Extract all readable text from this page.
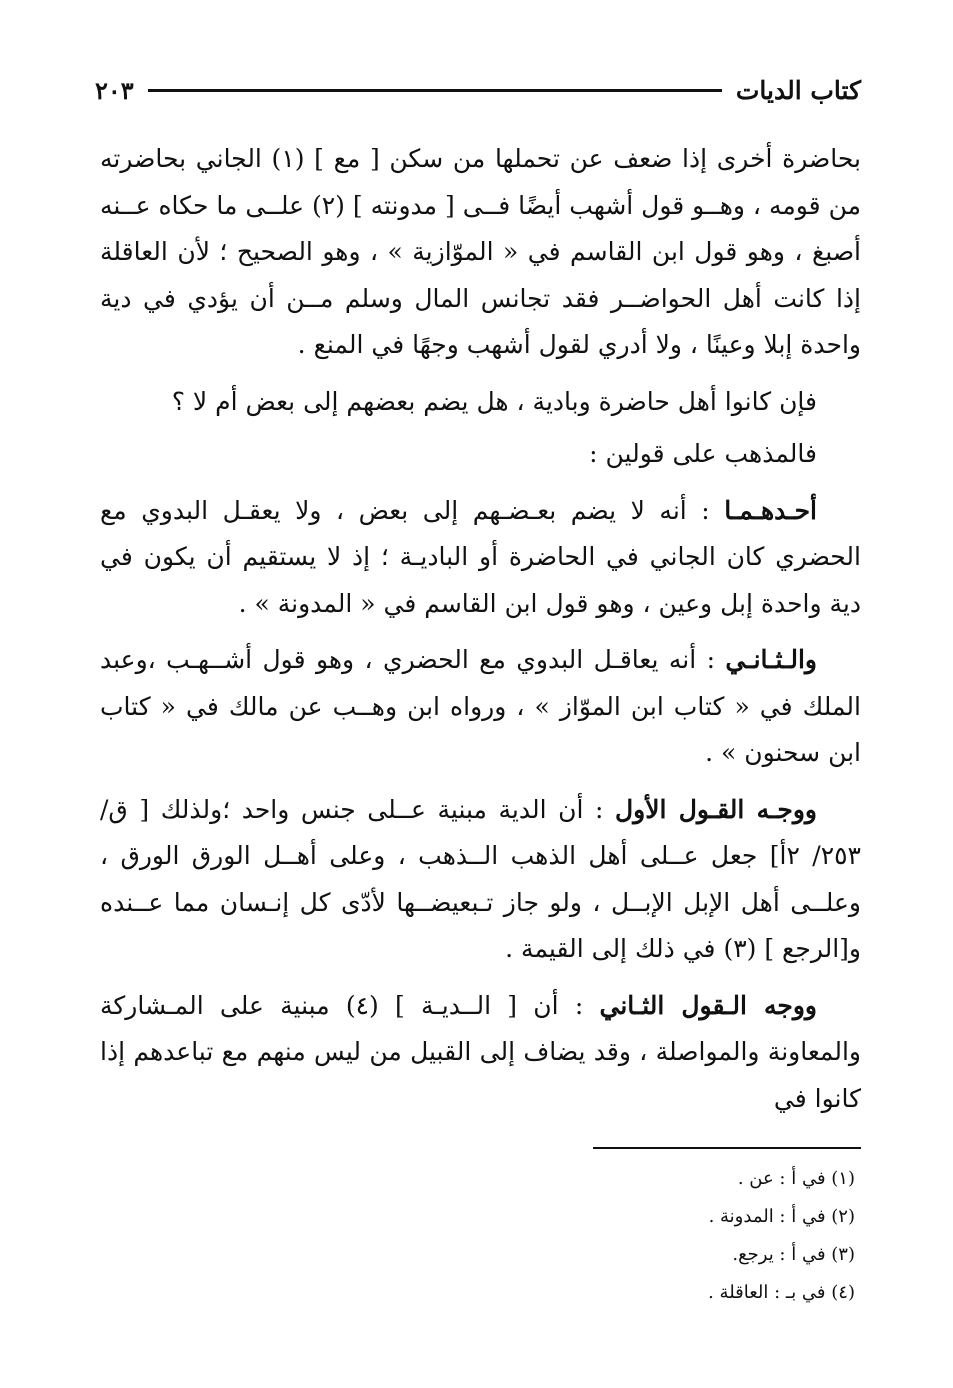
كتاب الديات
٢٠٣

بحاضرة أخرى إذا ضعف عن تحملها من سكن [ مع ] (١) الجاني بحاضرته من قومه ، وهــو قول أشهب أيضًا فــى [ مدونته ] (٢) علــى ما حكاه عــنه أصبغ ، وهو قول ابن القاسم في « الموّازية » ، وهو الصحيح ؛ لأن العاقلة إذا كانت أهل الحواضــر فقد تجانس المال وسلم مــن أن يؤدي في دية واحدة إبلا وعينًا ، ولا أدري لقول أشهب وجهًا في المنع .

فإن كانوا أهل حاضرة وبادية ، هل يضم بعضهم إلى بعض أم لا ؟

فالمذهب على قولين :

أحـدهـمـا : أنه لا يضم بعـضـهم إلى بعض ، ولا يعقـل البدوي مع الحضري كان الجاني في الحاضرة أو الباديـة ؛ إذ لا يستقيم أن يكون في دية واحدة إبل وعين ، وهو قول ابن القاسم في « المدونة » .

والـثـانـي : أنه يعاقـل البدوي مع الحضري ، وهو قول أشــهـب ،وعبد الملك في « كتاب ابن الموّاز » ، ورواه ابن وهــب عن مالك في « كتاب ابن سحنون » .

ووجـه القـول الأول : أن الدية مبنية عــلى جنس واحد ؛ولذلك [ ق/ ٢٥٣/ ٢أ] جعل عــلى أهل الذهب الــذهب ، وعلى أهــل الورق الورق ، وعلــى أهل الإبل الإبــل ، ولو جاز تـبعيضــها لأدّى كل إنـسان مما عــنده و[الرجع ] (٣) في ذلك إلى القيمة .

ووجه الـقول الثـاني : أن [ الــديـة ] (٤) مبنية على المـشاركة والمعاونة والمواصلة ، وقد يضاف إلى القبيل من ليس منهم مع تباعدهم إذا كانوا في

(١) في أ : عن .
(٢) في أ : المدونة .
(٣) في أ : يرجع.
(٤) في بـ : العاقلة .
